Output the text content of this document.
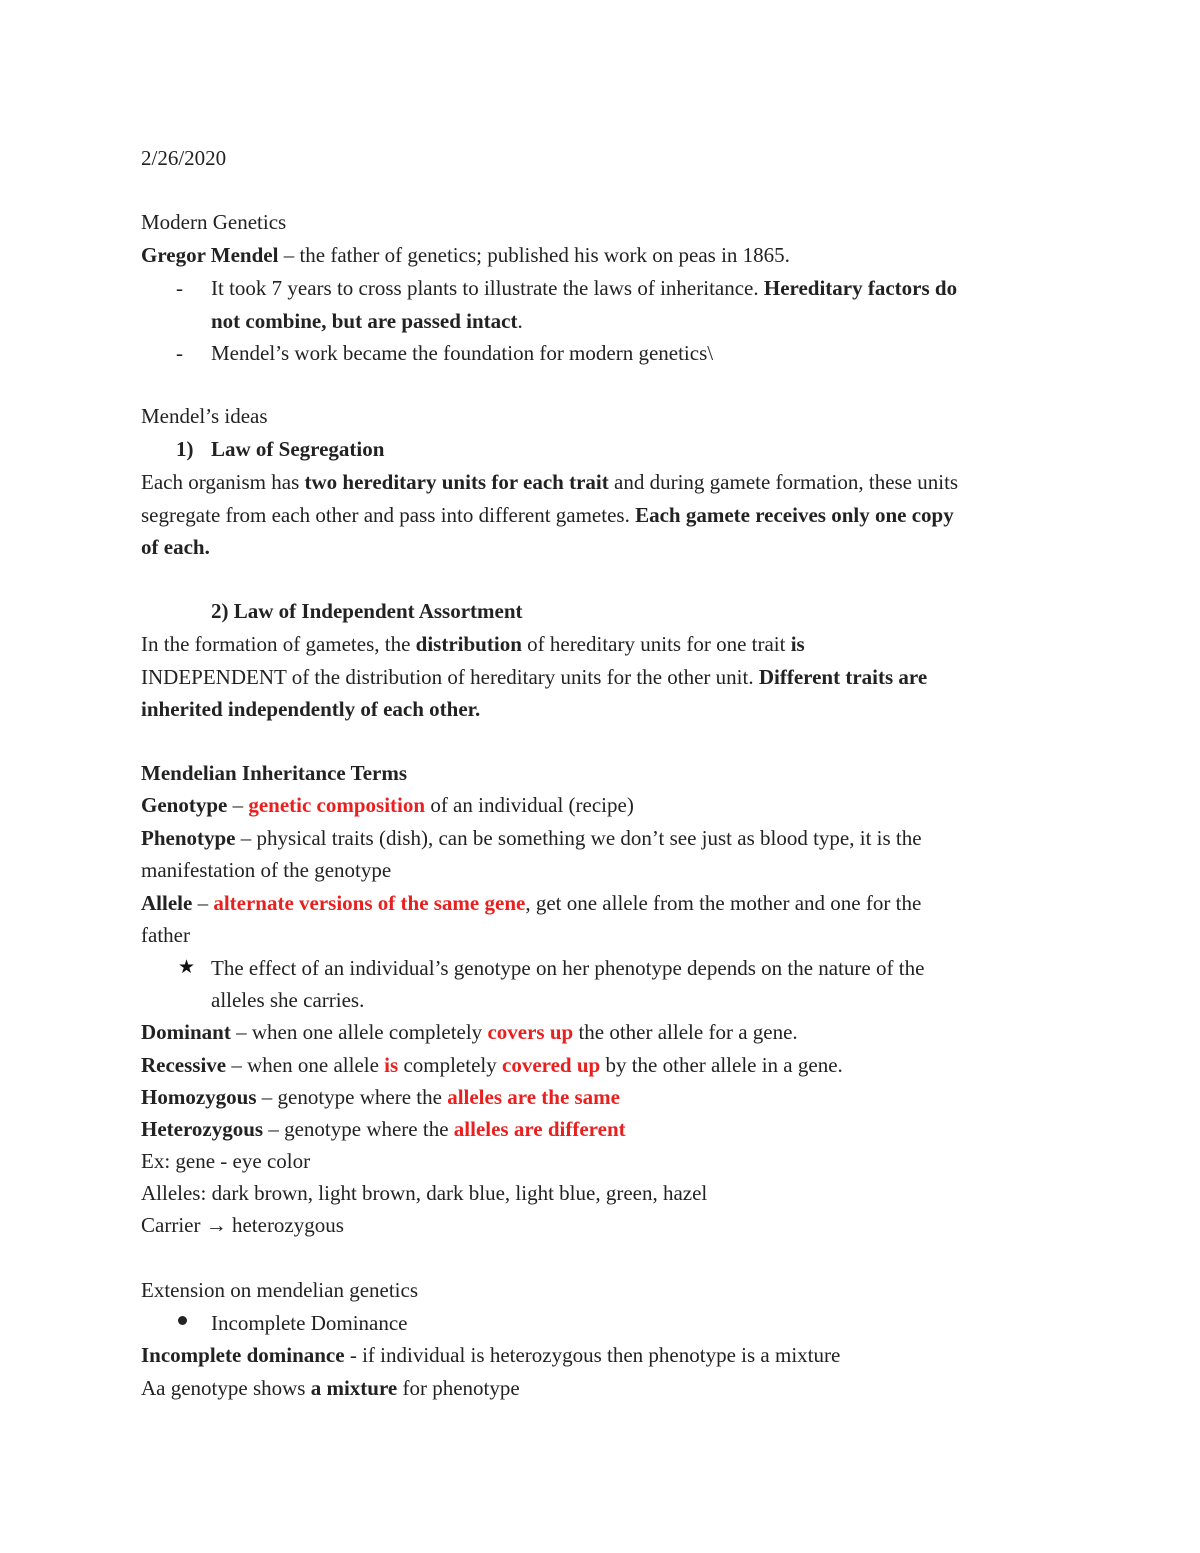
2/26/2020
Modern Genetics
Gregor Mendel – the father of genetics; published his work on peas in 1865.
- It took 7 years to cross plants to illustrate the laws of inheritance. Hereditary factors do
not combine, but are passed intact.
- Mendel’s work became the foundation for modern genetics\
Mendel’s ideas
1) Law of Segregation
Each organism has two hereditary units for each trait and during gamete formation, these units
segregate from each other and pass into different gametes. Each gamete receives only one copy
of each.
2) Law of Independent Assortment
In the formation of gametes, the distribution of hereditary units for one trait is
INDEPENDENT of the distribution of hereditary units for the other unit. Different traits are
inherited independently of each other.
Mendelian Inheritance Terms
Genotype – genetic composition of an individual (recipe)
Phenotype – physical traits (dish), can be something we don’t see just as blood type, it is the
manifestation of the genotype
Allele – alternate versions of the same gene, get one allele from the mother and one for the
father
★ The effect of an individual’s genotype on her phenotype depends on the nature of the
alleles she carries.
Dominant – when one allele completely covers up the other allele for a gene.
Recessive – when one allele is completely covered up by the other allele in a gene.
Homozygous – genotype where the alleles are the same
Heterozygous – genotype where the alleles are different
Ex: gene - eye color
Alleles: dark brown, light brown, dark blue, light blue, green, hazel
Carrier → heterozygous
Extension on mendelian genetics
Incomplete Dominance
Incomplete dominance - if individual is heterozygous then phenotype is a mixture
Aa genotype shows a mixture for phenotype
